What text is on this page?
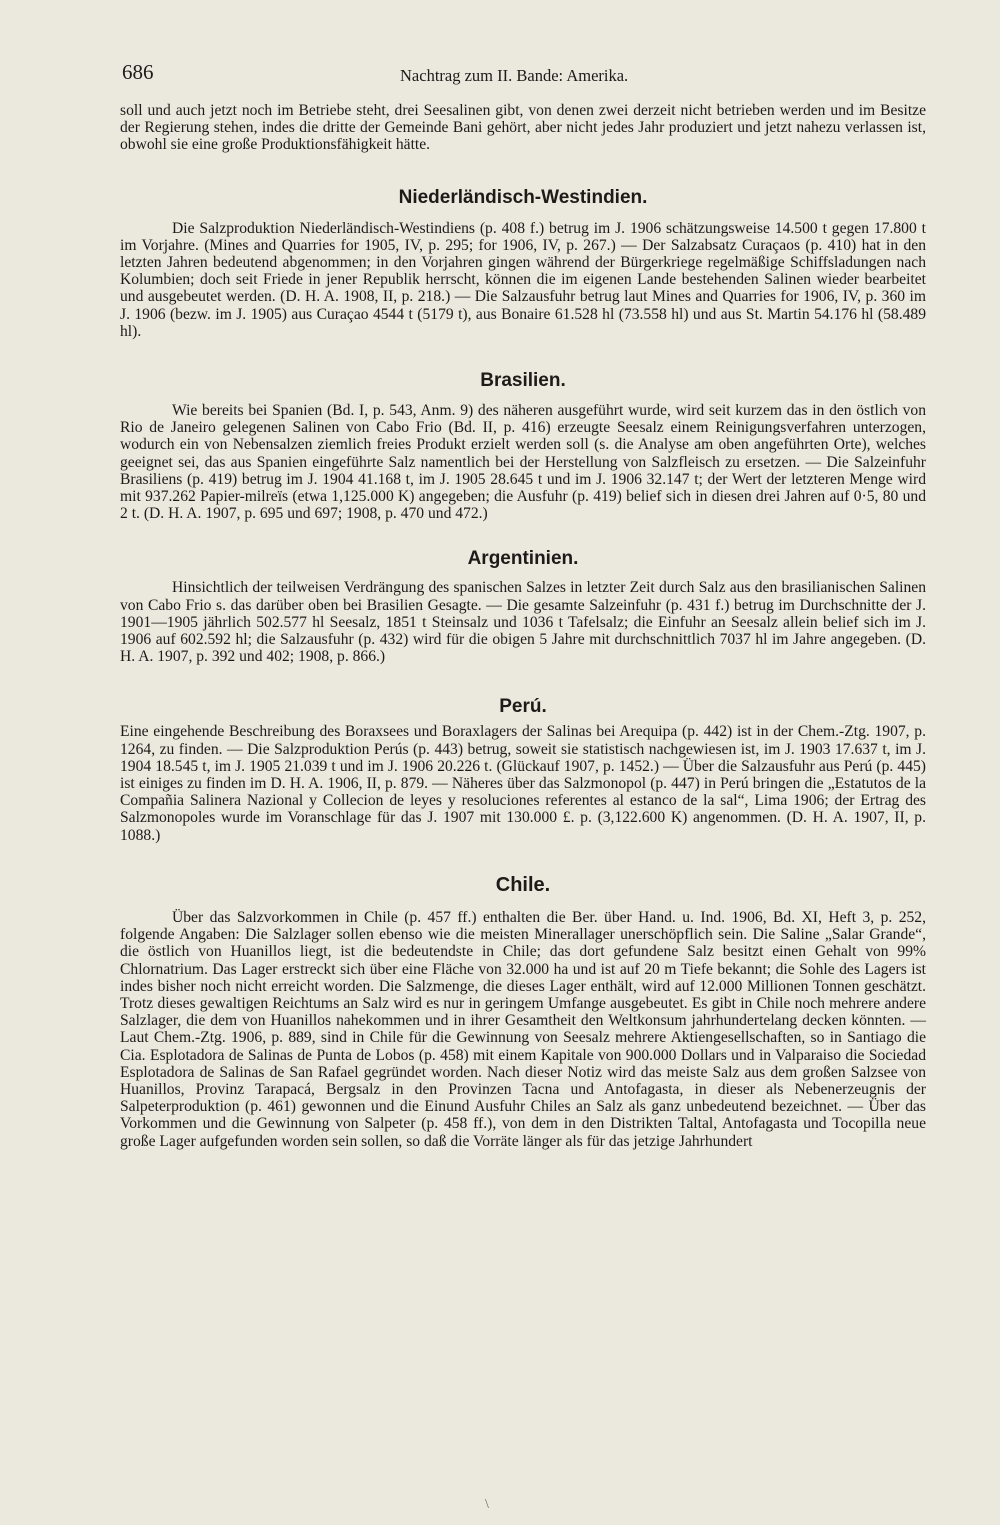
686	Nachtrag zum II. Bande: Amerika.

soll und auch jetzt noch im Betriebe steht, drei Seesalinen gibt, von denen zwei derzeit nicht betrieben werden und im Besitze der Regierung stehen, indes die dritte der Gemeinde Bani gehört, aber nicht jedes Jahr produziert und jetzt nahezu verlassen ist, obwohl sie eine große Produktionsfähigkeit hätte.

Niederländisch-Westindien.

Die Salzproduktion Niederländisch-Westindiens (p. 408 f.) betrug im J. 1906 schätzungsweise 14.500 t gegen 17.800 t im Vorjahre. (Mines and Quarries for 1905, IV, p. 295; for 1906, IV, p. 267.) — Der Salzabsatz Curaçaos (p. 410) hat in den letzten Jahren bedeutend abgenommen; in den Vorjahren gingen während der Bürgerkriege regelmäßige Schiffsladungen nach Kolumbien; doch seit Friede in jener Republik herrscht, können die im eigenen Lande bestehenden Salinen wieder bearbeitet und ausgebeutet werden. (D. H. A. 1908, II, p. 218.) — Die Salzausfuhr betrug laut Mines and Quarries for 1906, IV, p. 360 im J. 1906 (bezw. im J. 1905) aus Curaçao 4544 t (5179 t), aus Bonaire 61.528 hl (73.558 hl) und aus St. Martin 54.176 hl (58.489 hl).

Brasilien.

Wie bereits bei Spanien (Bd. I, p. 543, Anm. 9) des näheren ausgeführt wurde, wird seit kurzem das in den östlich von Rio de Janeiro gelegenen Salinen von Cabo Frio (Bd. II, p. 416) erzeugte Seesalz einem Reinigungsverfahren unterzogen, wodurch ein von Nebensalzen ziemlich freies Produkt erzielt werden soll (s. die Analyse am oben angeführten Orte), welches geeignet sei, das aus Spanien eingeführte Salz namentlich bei der Herstellung von Salzfleisch zu ersetzen. — Die Salzeinfuhr Brasiliens (p. 419) betrug im J. 1904 41.168 t, im J. 1905 28.645 t und im J. 1906 32.147 t; der Wert der letzteren Menge wird mit 937.262 Papier-milreïs (etwa 1,125.000 K) angegeben; die Ausfuhr (p. 419) belief sich in diesen drei Jahren auf 0·5, 80 und 2 t. (D. H. A. 1907, p. 695 und 697; 1908, p. 470 und 472.)

Argentinien.

Hinsichtlich der teilweisen Verdrängung des spanischen Salzes in letzter Zeit durch Salz aus den brasilianischen Salinen von Cabo Frio s. das darüber oben bei Brasilien Gesagte. — Die gesamte Salzeinfuhr (p. 431 f.) betrug im Durchschnitte der J. 1901—1905 jährlich 502.577 hl Seesalz, 1851 t Steinsalz und 1036 t Tafelsalz; die Einfuhr an Seesalz allein belief sich im J. 1906 auf 602.592 hl; die Salzausfuhr (p. 432) wird für die obigen 5 Jahre mit durchschnittlich 7037 hl im Jahre angegeben. (D. H. A. 1907, p. 392 und 402; 1908, p. 866.)

Perú.

Eine eingehende Beschreibung des Boraxsees und Boraxlagers der Salinas bei Arequipa (p. 442) ist in der Chem.-Ztg. 1907, p. 1264, zu finden. — Die Salzproduktion Perús (p. 443) betrug, soweit sie statistisch nachgewiesen ist, im J. 1903 17.637 t, im J. 1904 18.545 t, im J. 1905 21.039 t und im J. 1906 20.226 t. (Glückauf 1907, p. 1452.) — Über die Salzausfuhr aus Perú (p. 445) ist einiges zu finden im D. H. A. 1906, II, p. 879. — Näheres über das Salzmonopol (p. 447) in Perú bringen die „Estatutos de la Compañia Salinera Nazional y Collecion de leyes y resoluciones referentes al estanco de la sal“, Lima 1906; der Ertrag des Salzmonopoles wurde im Voranschlage für das J. 1907 mit 130.000 £. p. (3,122.600 K) angenommen. (D. H. A. 1907, II, p. 1088.)

Chile.

Über das Salzvorkommen in Chile (p. 457 ff.) enthalten die Ber. über Hand. u. Ind. 1906, Bd. XI, Heft 3, p. 252, folgende Angaben: Die Salzlager sollen ebenso wie die meisten Minerallager unerschöpflich sein. Die Saline „Salar Grande“, die östlich von Huanillos liegt, ist die bedeutendste in Chile; das dort gefundene Salz besitzt einen Gehalt von 99% Chlornatrium. Das Lager erstreckt sich über eine Fläche von 32.000 ha und ist auf 20 m Tiefe bekannt; die Sohle des Lagers ist indes bisher noch nicht erreicht worden. Die Salzmenge, die dieses Lager enthält, wird auf 12.000 Millionen Tonnen geschätzt. Trotz dieses gewaltigen Reichtums an Salz wird es nur in geringem Umfange ausgebeutet. Es gibt in Chile noch mehrere andere Salzlager, die dem von Huanillos nahekommen und in ihrer Gesamtheit den Weltkonsum jahrhundertelang decken könnten. — Laut Chem.-Ztg. 1906, p. 889, sind in Chile für die Gewinnung von Seesalz mehrere Aktiengesellschaften, so in Santiago die Cia. Esplotadora de Salinas de Punta de Lobos (p. 458) mit einem Kapitale von 900.000 Dollars und in Valparaiso die Sociedad Esplotadora de Salinas de San Rafael gegründet worden. Nach dieser Notiz wird das meiste Salz aus dem großen Salzsee von Huanillos, Provinz Tarapacá, Bergsalz in den Provinzen Tacna und Antofagasta, in dieser als Nebenerzeugnis der Salpeterproduktion (p. 461) gewonnen und die Einund Ausfuhr Chiles an Salz als ganz unbedeutend bezeichnet. — Über das Vorkommen und die Gewinnung von Salpeter (p. 458 ff.), von dem in den Distrikten Taltal, Antofagasta und Tocopilla neue große Lager aufgefunden worden sein sollen, so daß die Vorräte länger als für das jetzige Jahrhundert

\
